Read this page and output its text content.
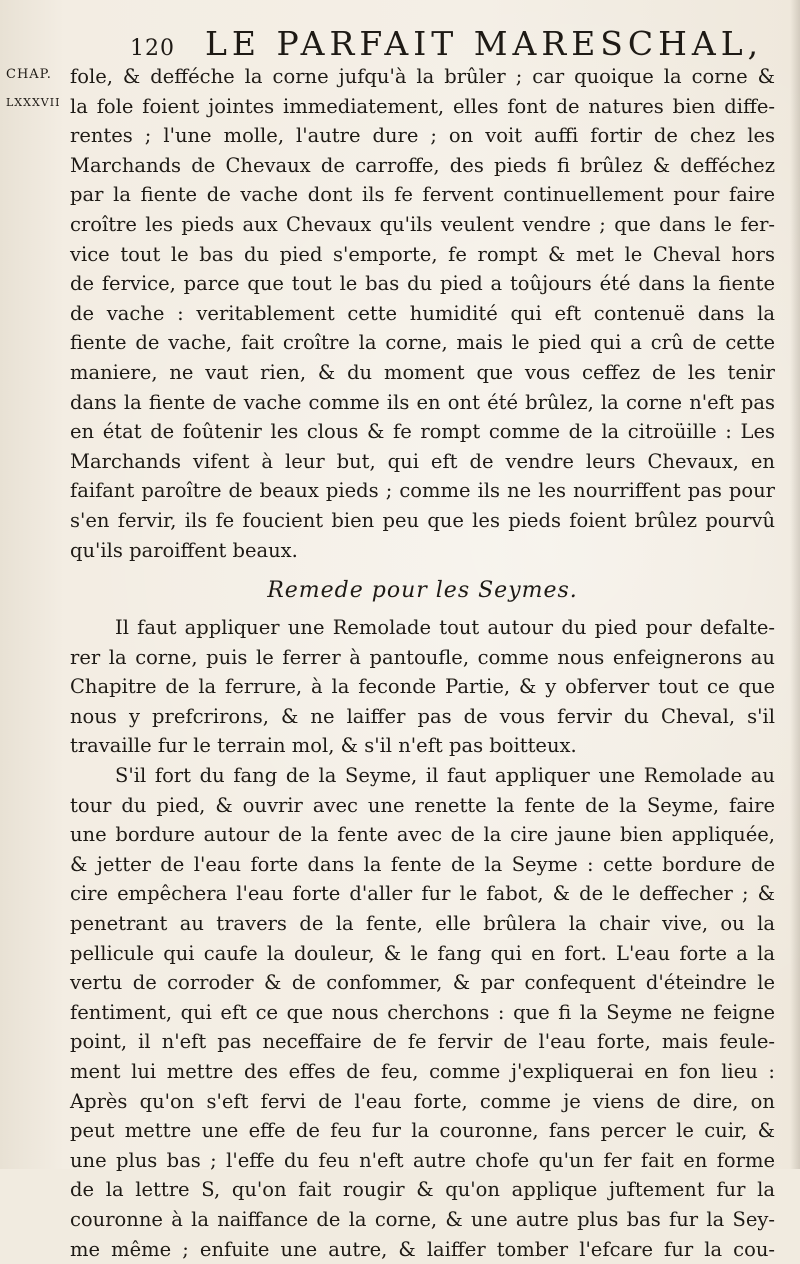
120 LE PARFAIT MARESCHAL,
CHAP.
LXXXVII
fole, & defféche la corne jufqu'à la brûler ; car quoique la corne &
la fole foient jointes immediatement, elles font de natures bien diffe-
rentes ; l'une molle, l'autre dure ; on voit auffi fortir de chez les
Marchands de Chevaux de carroffe, des pieds fi brûlez & defféchez
par la fiente de vache dont ils fe fervent continuellement pour faire
croître les pieds aux Chevaux qu'ils veulent vendre ; que dans le fer-
vice tout le bas du pied s'emporte, fe rompt & met le Cheval hors
de fervice, parce que tout le bas du pied a toûjours été dans la fiente
de vache : veritablement cette humidité qui eft contenuë dans la
fiente de vache, fait croître la corne, mais le pied qui a crû de cette
maniere, ne vaut rien, & du moment que vous ceffez de les tenir
dans la fiente de vache comme ils en ont été brûlez, la corne n'eft pas
en état de foûtenir les clous & fe rompt comme de la citroüille : Les
Marchands vifent à leur but, qui eft de vendre leurs Chevaux, en
faifant paroître de beaux pieds ; comme ils ne les nourriffent pas pour
s'en fervir, ils fe foucient bien peu que les pieds foient brûlez pourvû
qu'ils paroiffent beaux.
Remede pour les Seymes.
Il faut appliquer une Remolade tout autour du pied pour defalte-
rer la corne, puis le ferrer à pantoufle, comme nous enfeignerons au
Chapitre de la ferrure, à la feconde Partie, & y obferver tout ce que
nous y prefcrirons, & ne laiffer pas de vous fervir du Cheval, s'il
travaille fur le terrain mol, & s'il n'eft pas boitteux.
S'il fort du fang de la Seyme, il faut appliquer une Remolade au
tour du pied, & ouvrir avec une renette la fente de la Seyme, faire
une bordure autour de la fente avec de la cire jaune bien appliquée,
& jetter de l'eau forte dans la fente de la Seyme : cette bordure de
cire empêchera l'eau forte d'aller fur le fabot, & de le deffecher ; &
penetrant au travers de la fente, elle brûlera la chair vive, ou la
pellicule qui caufe la douleur, & le fang qui en fort. L'eau forte a la
vertu de corroder & de confommer, & par confequent d'éteindre le
fentiment, qui eft ce que nous cherchons : que fi la Seyme ne feigne
point, il n'eft pas neceffaire de fe fervir de l'eau forte, mais feule-
ment lui mettre des effes de feu, comme j'expliquerai en fon lieu :
Après qu'on s'eft fervi de l'eau forte, comme je viens de dire, on
peut mettre une effe de feu fur la couronne, fans percer le cuir, &
une plus bas ; l'effe du feu n'eft autre chofe qu'un fer fait en forme
de la lettre S, qu'on fait rougir & qu'on applique juftement fur la
couronne à la naiffance de la corne, & une autre plus bas fur la Sey-
me même ; enfuite une autre, & laiffer tomber l'efcare fur la cou-
